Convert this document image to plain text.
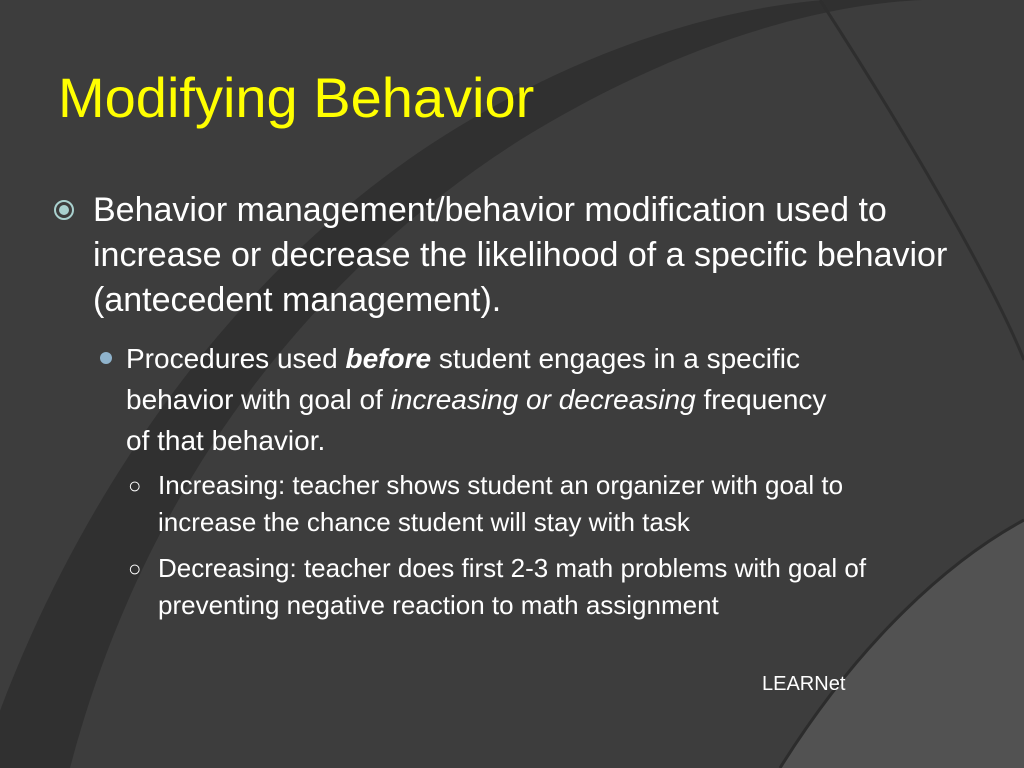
Modifying Behavior
Behavior management/behavior modification used to increase or decrease the likelihood of a specific behavior (antecedent management).
Procedures used before student engages in a specific behavior with goal of increasing or decreasing frequency of that behavior.
○ Increasing: teacher shows student an organizer with goal to increase the chance student will stay with task
○ Decreasing: teacher does first 2-3 math problems with goal of preventing negative reaction to math assignment
LEARNet
